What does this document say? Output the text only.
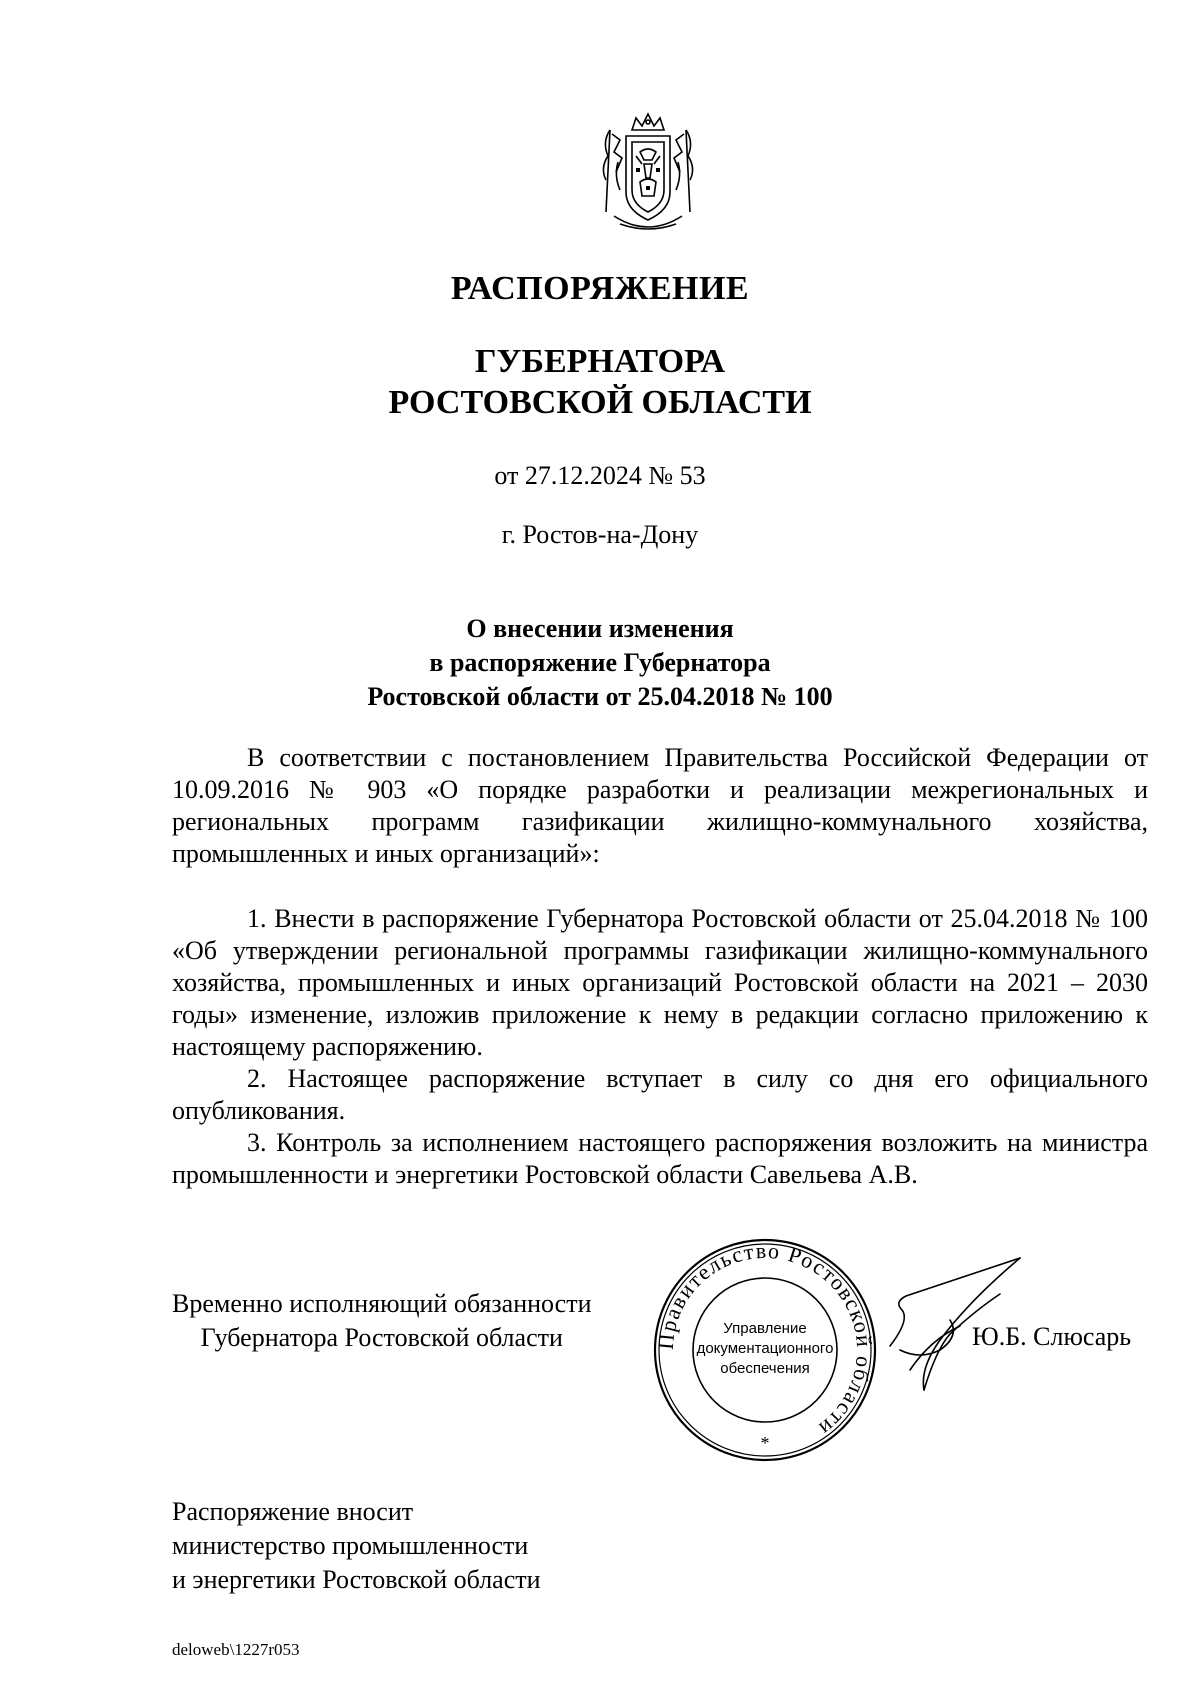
РАСПОРЯЖЕНИЕ
ГУБЕРНАТОРА
РОСТОВСКОЙ ОБЛАСТИ
от 27.12.2024 № 53
г. Ростов-на-Дону
О внесении изменения
в распоряжение Губернатора
Ростовской области от 25.04.2018 № 100

В соответствии с постановлением Правительства Российской Федерации от 10.09.2016 № 903 «О порядке разработки и реализации межрегиональных и региональных программ газификации жилищно-коммунального хозяйства, промышленных и иных организаций»:

1. Внести в распоряжение Губернатора Ростовской области от 25.04.2018 № 100 «Об утверждении региональной программы газификации жилищно-коммунального хозяйства, промышленных и иных организаций Ростовской области на 2021 – 2030 годы» изменение, изложив приложение к нему в редакции согласно приложению к настоящему распоряжению.

2. Настоящее распоряжение вступает в силу со дня его официального опубликования.

3. Контроль за исполнением настоящего распоряжения возложить на министра промышленности и энергетики Ростовской области Савельева А.В.

Временно исполняющий обязанности
Губернатора Ростовской области	Правительство Ростовской области
Управление
документационного
обеспечения
*
Ю.Б. Слюсарь
Распоряжение вносит
министерство промышленности
и энергетики Ростовской области
deloweb\1227r053
